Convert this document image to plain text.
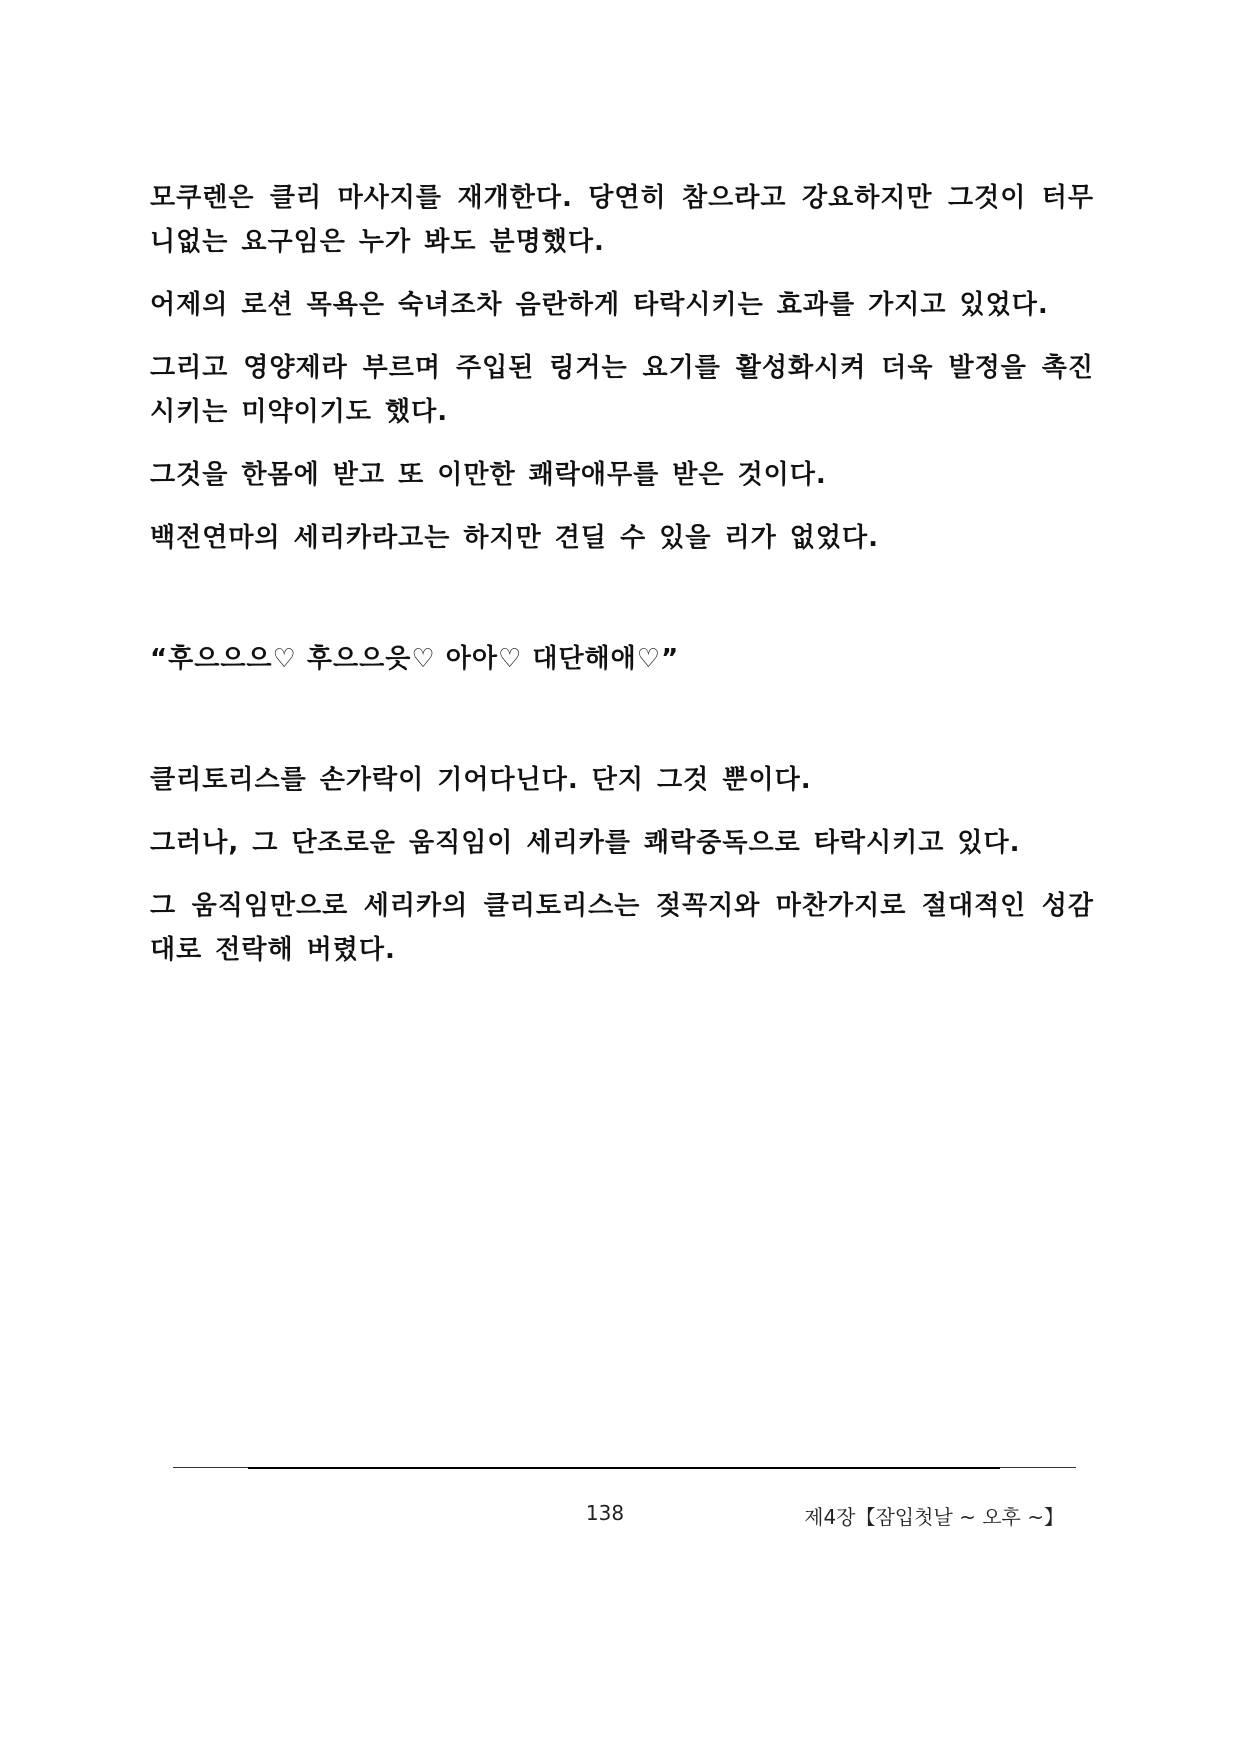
모쿠렌은 클리 마사지를 재개한다. 당연히 참으라고 강요하지만 그것이 터무니없는 요구임은 누가 봐도 분명했다.

어제의 로션 목욕은 숙녀조차 음란하게 타락시키는 효과를 가지고 있었다.

그리고 영양제라 부르며 주입된 링거는 요기를 활성화시켜 더욱 발정을 촉진시키는 미약이기도 했다.

그것을 한몸에 받고 또 이만한 쾌락애무를 받은 것이다.

백전연마의 세리카라고는 하지만 견딜 수 있을 리가 없었다.

“후으으으♡ 후으으읏♡ 아아♡ 대단해애♡”

클리토리스를 손가락이 기어다닌다. 단지 그것 뿐이다.

그러나, 그 단조로운 움직임이 세리카를 쾌락중독으로 타락시키고 있다.

그 움직임만으로 세리카의 클리토리스는 젖꼭지와 마찬가지로 절대적인 성감대로 전락해 버렸다.

138	제4장【잠입첫날 ~ 오후 ~】
